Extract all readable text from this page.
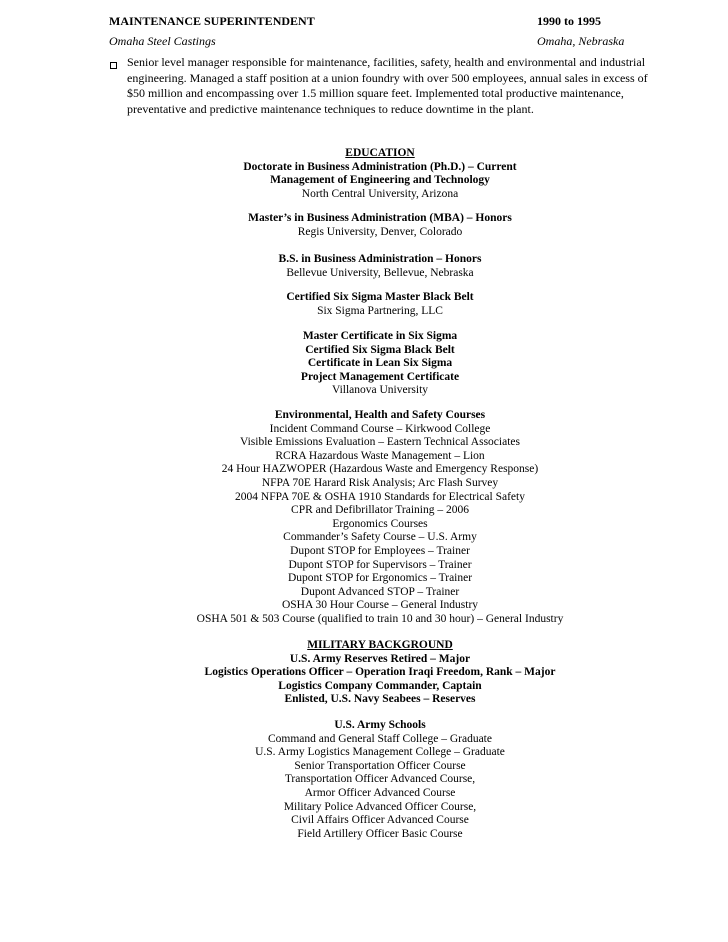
MAINTENANCE SUPERINTENDENT	1990 to 1995
Omaha Steel Castings	Omaha, Nebraska
Senior level manager responsible for maintenance, facilities, safety, health and environmental and industrial engineering. Managed a staff position at a union foundry with over 500 employees, annual sales in excess of $50 million and encompassing over 1.5 million square feet. Implemented total productive maintenance, preventative and predictive maintenance techniques to reduce downtime in the plant.
EDUCATION
Doctorate in Business Administration (Ph.D.) – Current
Management of Engineering and Technology
North Central University, Arizona
Master’s in Business Administration (MBA) – Honors
Regis University, Denver, Colorado
B.S. in Business Administration – Honors
Bellevue University, Bellevue, Nebraska
Certified Six Sigma Master Black Belt
Six Sigma Partnering, LLC
Master Certificate in Six Sigma
Certified Six Sigma Black Belt
Certificate in Lean Six Sigma
Project Management Certificate
Villanova University
Environmental, Health and Safety Courses
Incident Command Course – Kirkwood College
Visible Emissions Evaluation – Eastern Technical Associates
RCRA Hazardous Waste Management – Lion
24 Hour HAZWOPER (Hazardous Waste and Emergency Response)
NFPA 70E Harard Risk Analysis; Arc Flash Survey
2004 NFPA 70E & OSHA 1910 Standards for Electrical Safety
CPR and Defibrillator Training – 2006
Ergonomics Courses
Commander’s Safety Course – U.S. Army
Dupont STOP for Employees – Trainer
Dupont STOP for Supervisors – Trainer
Dupont STOP for Ergonomics – Trainer
Dupont Advanced STOP – Trainer
OSHA 30 Hour Course – General Industry
OSHA 501 & 503 Course (qualified to train 10 and 30 hour) – General Industry
MILITARY BACKGROUND
U.S. Army Reserves Retired – Major
Logistics Operations Officer – Operation Iraqi Freedom, Rank – Major
Logistics Company Commander, Captain
Enlisted, U.S. Navy Seabees – Reserves
U.S. Army Schools
Command and General Staff College – Graduate
U.S. Army Logistics Management College – Graduate
Senior Transportation Officer Course
Transportation Officer Advanced Course,
Armor Officer Advanced Course
Military Police Advanced Officer Course,
Civil Affairs Officer Advanced Course
Field Artillery Officer Basic Course
